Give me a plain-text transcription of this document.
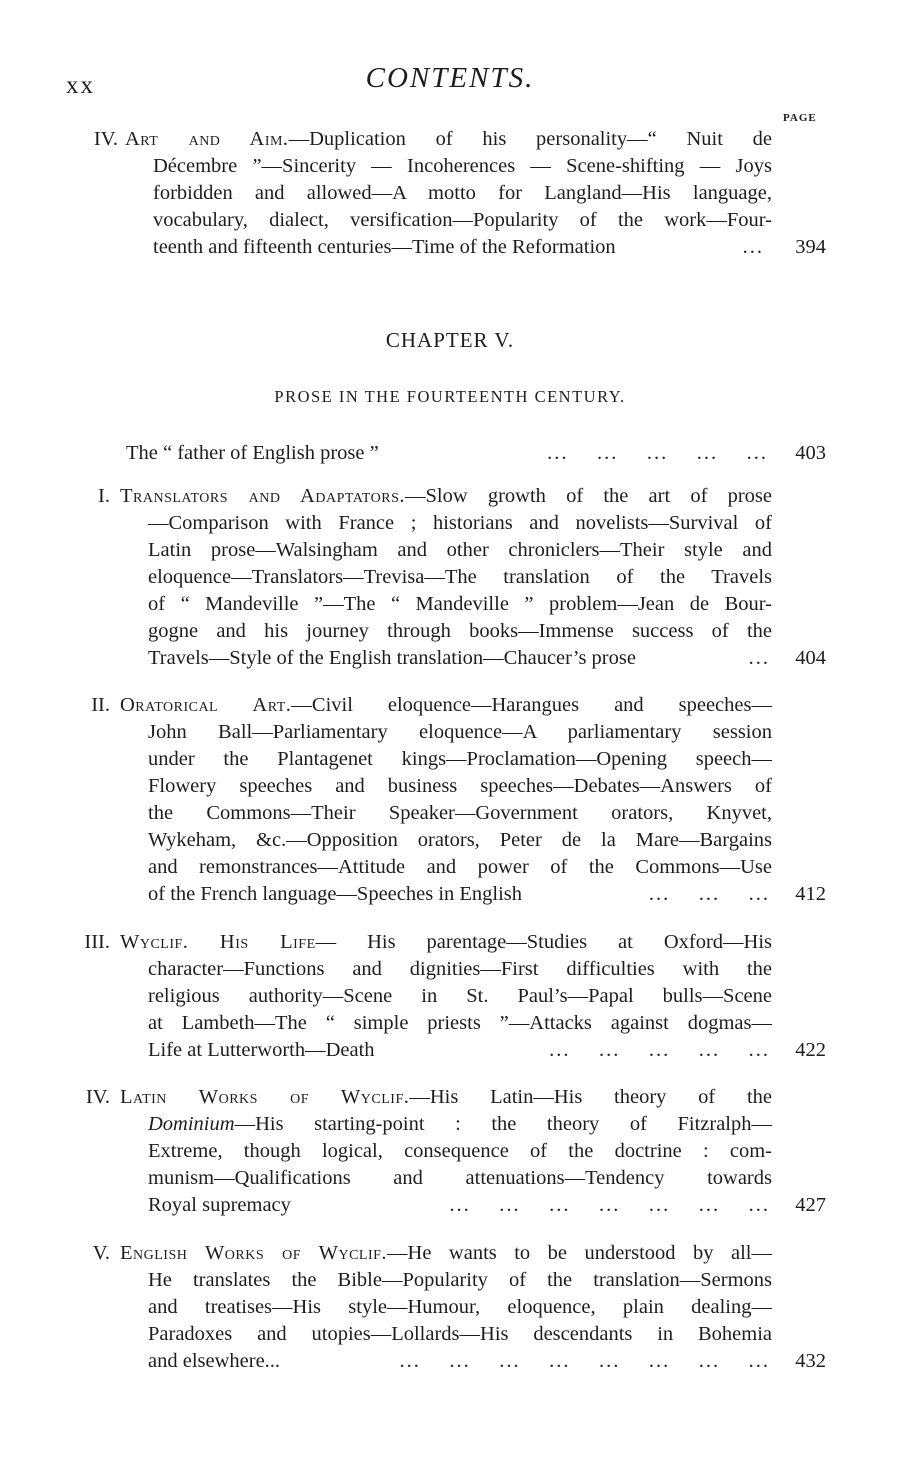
xx	CONTENTS.
PAGE
IV. Art and Aim.—Duplication of his personality—“ Nuit de
Décembre ”—Sincerity — Incoherences — Scene-shifting — Joys
forbidden and allowed—A motto for Langland—His language,
vocabulary, dialect, versification—Popularity of the work—Four-
teenth and fifteenth centuries—Time of the Reformation	...	394
CHAPTER V.
PROSE IN THE FOURTEENTH CENTURY.
The “ father of English prose ”	...    ...    ...    ...    ...	403
I. Translators and Adaptators.—Slow growth of the art of prose
—Comparison with France ; historians and novelists—Survival of
Latin prose—Walsingham and other chroniclers—Their style and
eloquence—Translators—Trevisa—The translation of the Travels
of “ Mandeville ”—The “ Mandeville ” problem—Jean de Bour-
gogne and his journey through books—Immense success of the
Travels—Style of the English translation—Chaucer’s prose	...	404
II. Oratorical Art.—Civil eloquence—Harangues and speeches—
John Ball—Parliamentary eloquence—A parliamentary session
under the Plantagenet kings—Proclamation—Opening speech—
Flowery speeches and business speeches—Debates—Answers of
the Commons—Their Speaker—Government orators, Knyvet,
Wykeham, &c.—Opposition orators, Peter de la Mare—Bargains
and remonstrances—Attitude and power of the Commons—Use
of the French language—Speeches in English	...    ...    ...	412
III. Wyclif. His Life— His parentage—Studies at Oxford—His
character—Functions and dignities—First difficulties with the
religious authority—Scene in St. Paul’s—Papal bulls—Scene
at Lambeth—The “ simple priests ”—Attacks against dogmas—
Life at Lutterworth—Death	...    ...    ...    ...    ...	422
IV. Latin Works of Wyclif.—His Latin—His theory of the
Dominium—His starting-point : the theory of Fitzralph—
Extreme, though logical, consequence of the doctrine : com-
munism—Qualifications and attenuations—Tendency towards
Royal supremacy	...    ...    ...    ...    ...    ...    ...	427
V. English Works of Wyclif.—He wants to be understood by all—
He translates the Bible—Popularity of the translation—Sermons
and treatises—His style—Humour, eloquence, plain dealing—
Paradoxes and utopies—Lollards—His descendants in Bohemia
and elsewhere...	...    ...    ...    ...    ...    ...    ...    ...	432
